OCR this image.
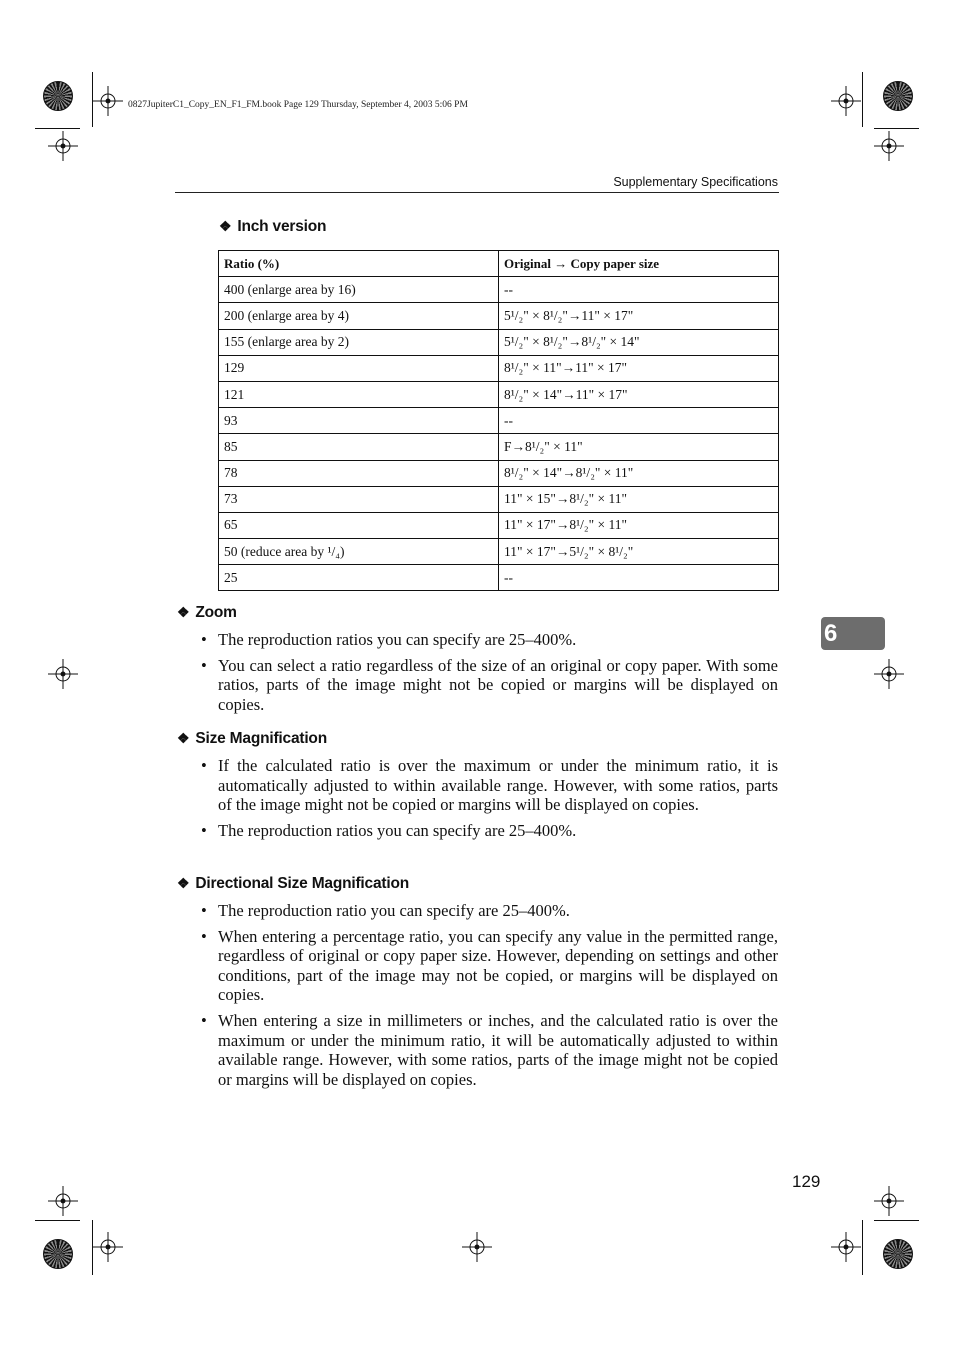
0827JupiterC1_Copy_EN_F1_FM.book Page 129 Thursday, September 4, 2003 5:06 PM
Supplementary Specifications
❖ Inch version
Ratio (%)	Original → Copy paper size
400 (enlarge area by 16)	--
200 (enlarge area by 4)	5¹/₂" × 8¹/₂"→11" × 17"
155 (enlarge area by 2)	5¹/₂" × 8¹/₂"→8¹/₂" × 14"
129	8¹/₂" × 11"→11" × 17"
121	8¹/₂" × 14"→11" × 17"
93	--
85	F→8¹/₂" × 11"
78	8¹/₂" × 14"→8¹/₂" × 11"
73	11" × 15"→8¹/₂" × 11"
65	11" × 17"→8¹/₂" × 11"
50 (reduce area by ¹/₄)	11" × 17"→5¹/₂" × 8¹/₂"
25	--
❖ Zoom
• The reproduction ratios you can specify are 25–400%.
• You can select a ratio regardless of the size of an original or copy paper. With some ratios, parts of the image might not be copied or margins will be displayed on copies.
❖ Size Magnification
• If the calculated ratio is over the maximum or under the minimum ratio, it is automatically adjusted to within available range. However, with some ratios, parts of the image might not be copied or margins will be displayed on copies.
• The reproduction ratios you can specify are 25–400%.
❖ Directional Size Magnification
• The reproduction ratio you can specify are 25–400%.
• When entering a percentage ratio, you can specify any value in the permitted range, regardless of original or copy paper size. However, depending on settings and other conditions, part of the image may not be copied, or margins will be displayed on copies.
• When entering a size in millimeters or inches, and the calculated ratio is over the maximum or under the minimum ratio, it will be automatically adjusted to within available range. However, with some ratios, parts of the image might not be copied or margins will be displayed on copies.
6
129
